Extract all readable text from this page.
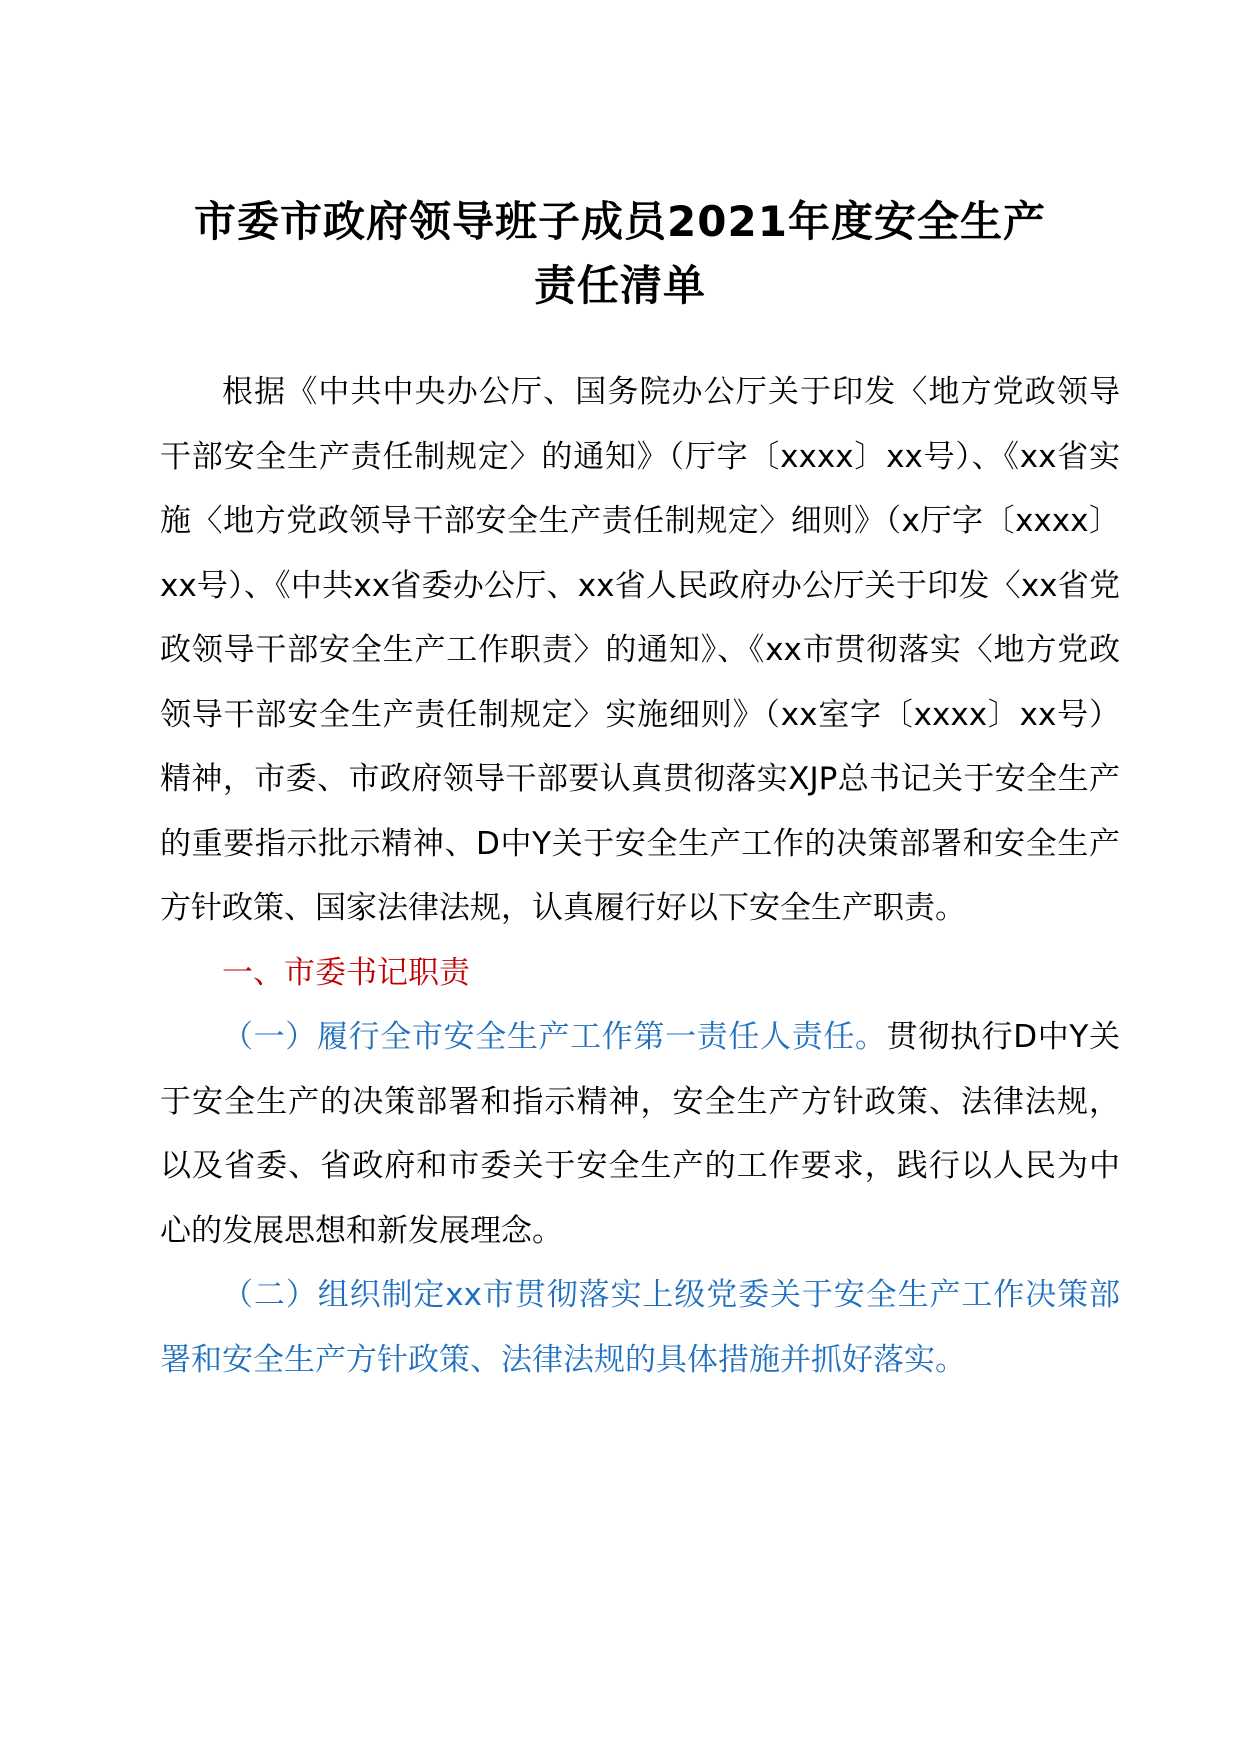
市委市政府领导班子成员2021年度安全生产
责任清单

根据《中共中央办公厅、国务院办公厅关于印发〈地方党政领导干部安全生产责任制规定〉的通知》（厅字〔xxxx〕xx号）、《xx省实施〈地方党政领导干部安全生产责任制规定〉细则》（x厅字〔xxxx〕xx号）、《中共xx省委办公厅、xx省人民政府办公厅关于印发〈xx省党政领导干部安全生产工作职责〉的通知》、《xx市贯彻落实〈地方党政领导干部安全生产责任制规定〉实施细则》（xx室字〔xxxx〕xx号）精神，市委、市政府领导干部要认真贯彻落实XJP总书记关于安全生产的重要指示批示精神、D中Y关于安全生产工作的决策部署和安全生产方针政策、国家法律法规，认真履行好以下安全生产职责。

一、市委书记职责

（一）履行全市安全生产工作第一责任人责任。贯彻执行D中Y关于安全生产的决策部署和指示精神，安全生产方针政策、法律法规，以及省委、省政府和市委关于安全生产的工作要求，践行以人民为中心的发展思想和新发展理念。

（二）组织制定xx市贯彻落实上级党委关于安全生产工作决策部署和安全生产方针政策、法律法规的具体措施并抓好落实。
